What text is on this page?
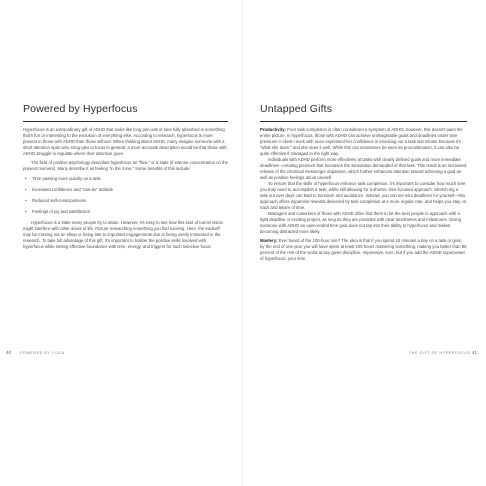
Powered by Hyperfocus

Hyperfocus is an extraordinary gift of ADHD that looks like long peri-ods of time fully absorbed in something that's fun or interesting to the exclusion of everything else. According to research, hyperfocus is more present in those with ADHD than those without. When thinking about ADHD, many imagine someone with a short attention span who strug-gles to focus in general; a more accurate description would be that those with ADHD struggle to regulate where their attention goes.

The field of positive psychology describes hyperfocus as "flow," or a state (if intense concentration on the present moment). Many describe it as feeling "in the zone." Some benefits of this include:

• Time passing more quickly on a task
• Increased confidence and "can-do" attitude
• Reduced self-consciousness
• Feelings of joy and satisfaction

Hyperfocus is a state many people try to attain. However, it's easy to see how this kind of tunnel vision might interfere with other areas of life. Picture researching something you find exciting. Here, the tradeoff may be missing out on sleep or being late to important engagements due to being overly immersed in the research. To take full advantage of this gift, it's important to bolster the positive skills involved with hyperfocus while setting effective boundaries with time, energy, and triggers for such selective focus.

40 POWERED BY YOGA
Untapped Gifts

Productivity: Poor task completion is often considered a symptom of ADHD; however, this doesn't paint the entire picture. In hyperfocus, those with ADHD can achieve unimaginable goals and deadlines under time pressure! A client I work with once expressed her confidence in knocking out a task last minute because it's "what she does," and she does it well. While this can sometimes be seen as procrastination, it can also be quite effective if managed in the right way.

Individuals with ADHD perform more effectively at tasks with clearly defined goals and more immediate deadlines—creating pressure that increases the stimulation demanded of that task. This result is an increased release of the chemical messenger dopamine, which further enhances attention toward achieving a goal as well as positive feelings about oneself.

To ensure that the skills of hyperfocus enhance task completion, it's important to consider how much time you truly need to accomplish a task, while still allowing for a shorter, time-focused approach. Stretch-ing a task out over days can lead to boredom and avoidance. Instead, you can set mini deadlines for yourself—this approach offers dopamine rewards delivered by task completion at a more regular rate, and helps you stay on track and aware of time.

Managers and coworkers of those with ADHD often find them to be the best people to approach with a tight deadline or exciting project, as long as they are provided with clear timeframes and milestones. Giving someone with ADHD an open-ended time goal does not tap into their ability to hyperfocus and makes becoming distracted more likely.

Mastery: Ever heard of the 100-hour rule? The idea is that if you spend 18 minutes a day on a task or goal, by the end of one year you will have spent at least 100 hours mastering something, making you better than 95 percent of the rest of the world at any given discipline. Impressive, sure, but if you add the ADHD superpower of hyperfocus, your time

THE GIFT OF HYPERFOCUS 41
